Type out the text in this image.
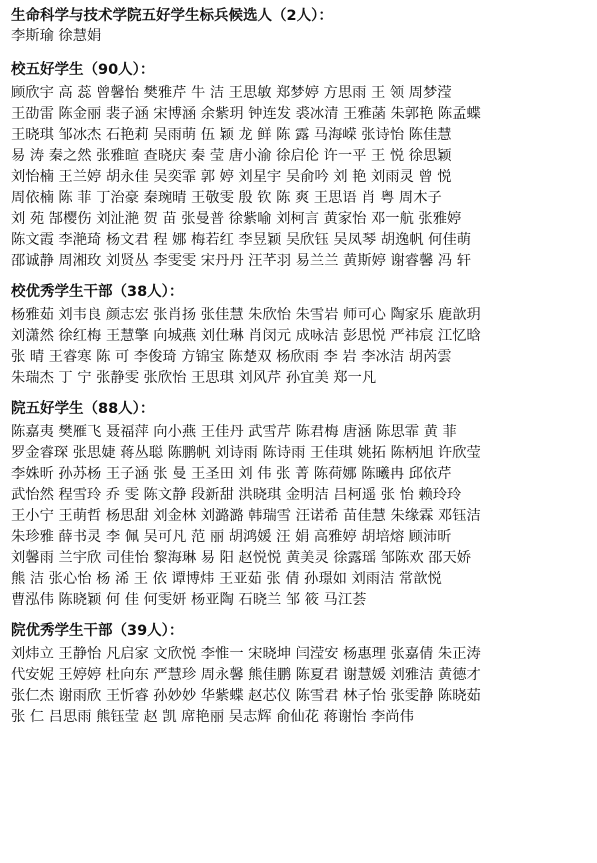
生命科学与技术学院五好学生标兵候选人（2人）：
李斯瑜 徐慧娟
校五好学生（90人）：
顾欣宇 高 蕊 曾馨怡 樊雅芹 牛 洁 王思敏 郑梦婷 方思雨 王 领 周梦滢
王劭雷 陈金丽 裴子涵 宋博涵 余紫玥 钟连发 裘冰清 王雅菡 朱郭艳 陈孟蝶
王晓琪 邹冰杰 石艳莉 吴雨萌 伍 颖 龙 鲜 陈 露 马海嵘 张诗怡 陈佳慧
易 涛 秦之然 张雅暄 查晓庆 秦 莹 唐小渝 徐启伦 许一平 王 悦 徐思颖
刘怡楠 王兰婷 胡永佳 吴奕霏 郭 婷 刘星宇 吴俞吟 刘 艳 刘雨灵 曾 悦
周依楠 陈 菲 丁治豪 秦琬晴 王敬雯 殷 钦 陈 爽 王思语 肖 粤 周木子
刘 苑 郜樱伤 刘沚滟 贺 苗 张曼普 徐紫喻 刘柯言 黄家怡 邓一航 张雅婷
陈文霞 李滟琦 杨文君 程 娜 梅若红 李昱颖 吴欣钰 吴凤琴 胡逸帆 何佳萌
邵诚静 周湘玫 刘贤丛 李雯雯 宋丹丹 汪芊羽 易兰兰 黄斯婷 谢睿馨 冯 轩
校优秀学生干部（38人）：
杨雅茹 刘韦良 颜志宏 张肖扬 张佳慧 朱欣怡 朱雪岩 师可心 陶家乐 鹿歆玥
刘潇然 徐红梅 王慧擎 向城燕 刘仕琳 肖闵元 成咏洁 彭思悦 严祎宸 江忆晗
张 晴 王睿寒 陈 可 李俊琦 方锦宝 陈楚双 杨欣雨 李 岩 李冰洁 胡芮雲
朱瑞杰 丁 宁 张静雯 张欣怡 王思琪 刘风芹 孙宜美 郑一凡
院五好学生（88人）：
陈嘉夷 樊雁飞 聂福萍 向小燕 王佳丹 武雪芹 陈君梅 唐涵 陈思霏 黄 菲
罗金睿琛 张思婕 蒋丛聪 陈鹏帆 刘诗雨 陈诗雨 王佳琪 姚拓 陈柄旭 许欣莹
李姝昕 孙苏杨 王子涵 张 曼 王圣田 刘 伟 张 菁 陈荷娜 陈曦冉 邱依芹
武怡然 程雪玲 乔 雯 陈文静 段新甜 洪晓琪 金明洁 吕柯遥 张 怡 赖玲玲
王小宁 王萌哲 杨思甜 刘金林 刘潞潞 韩瑞雪 汪诺希 苗佳慧 朱缘霖 邓钰洁
朱珍雅 薛书灵 李 佩 吴可凡 范 丽 胡鸿媛 汪 娟 高雅婷 胡培熔 顾沛昕
刘馨雨 兰宇欣 司佳怡 黎海琳 易 阳 赵悦悦 黄美灵 徐露瑶 邹陈欢 邵天娇
熊 洁 张心怡 杨 浠 王 依 谭博炜 王亚茹 张 倩 孙璟如 刘雨洁 常歆悦
曹泓伟 陈晓颖 何 佳 何雯妍 杨亚陶 石晓兰 邹 筱 马江荟
院优秀学生干部（39人）：
刘炜立 王静怡 凡启家 文欣悦 李惟一 宋晓坤 闫滢安 杨惠理 张嘉倩 朱正涛
代安妮 王婷婷 杜向东 严慧珍 周永馨 熊佳鹏 陈夏君 谢慧媛 刘雅洁 黄德才
张仁杰 谢雨欣 王忻睿 孙妙妙 华紫蝶 赵芯仪 陈雪君 林子怡 张雯静 陈晓茹
张 仁 吕思雨 熊钰莹 赵 凯 席艳丽 吴志辉 俞仙花 蒋谢怡 李尚伟
